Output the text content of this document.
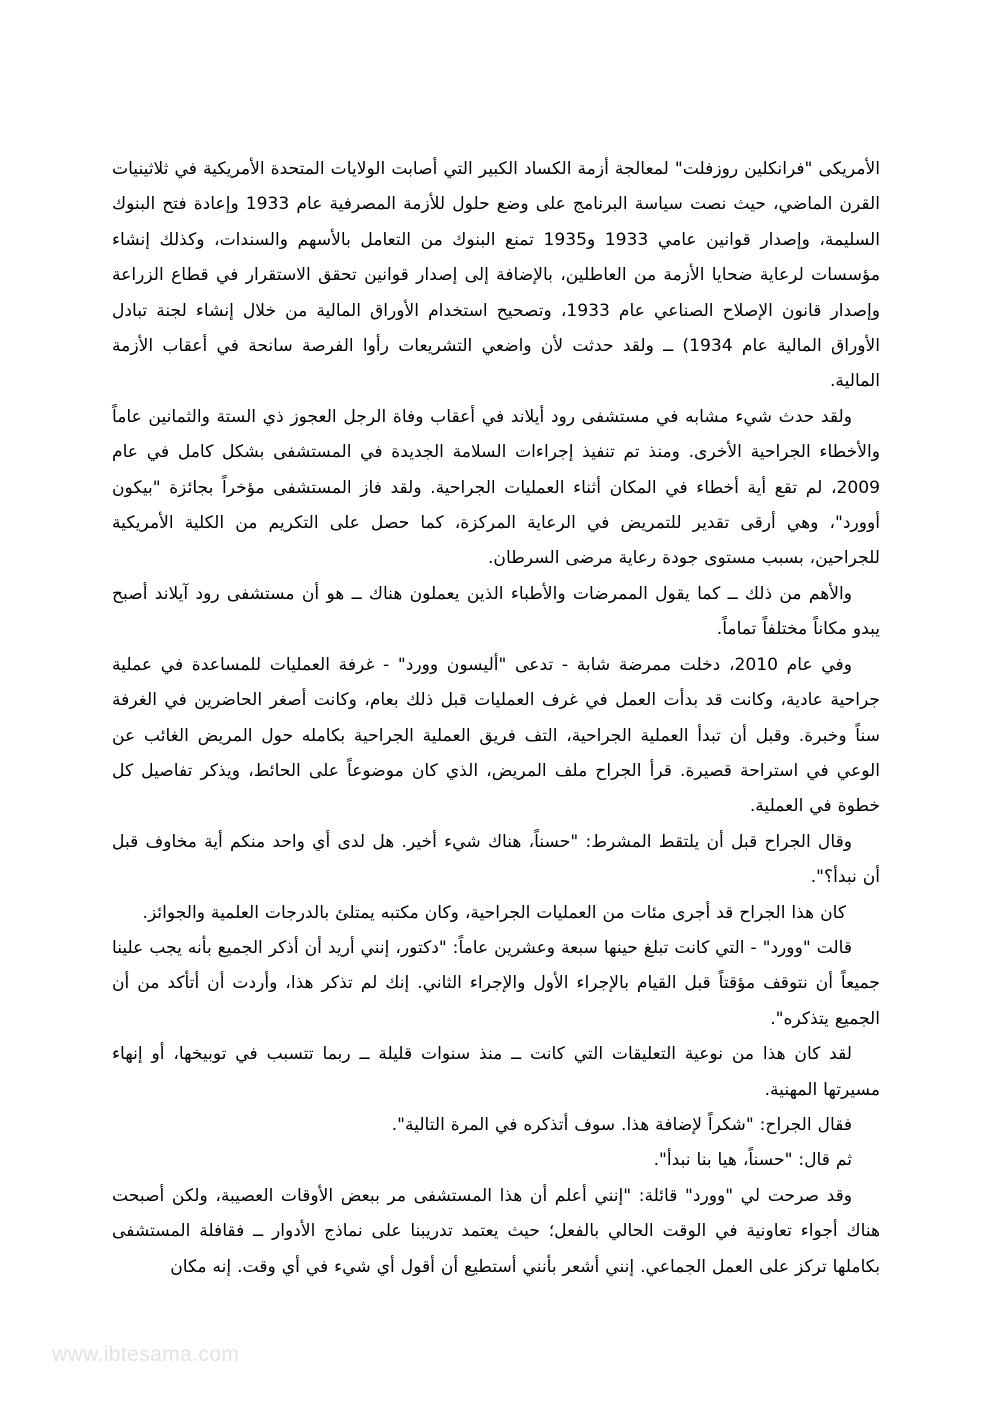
الأمريكى "فرانكلين روزفلت" لمعالجة أزمة الكساد الكبير التي أصابت الولايات المتحدة الأمريكية في ثلاثينيات القرن الماضي، حيث نصت سياسة البرنامج على وضع حلول للأزمة المصرفية عام 1933 وإعادة فتح البنوك السليمة، وإصدار قوانين عامي 1933 و1935 تمنع البنوك من التعامل بالأسهم والسندات، وكذلك إنشاء مؤسسات لرعاية ضحايا الأزمة من العاطلين، بالإضافة إلى إصدار قوانين تحقق الاستقرار في قطاع الزراعة وإصدار قانون الإصلاح الصناعي عام 1933، وتصحيح استخدام الأوراق المالية من خلال إنشاء لجنة تبادل الأوراق المالية عام 1934) ــ ولقد حدثت لأن واضعي التشريعات رأوا الفرصة سانحة في أعقاب الأزمة المالية.

ولقد حدث شيء مشابه في مستشفى رود أيلاند في أعقاب وفاة الرجل العجوز ذي الستة والثمانين عاماً والأخطاء الجراحية الأخرى. ومنذ تم تنفيذ إجراءات السلامة الجديدة في المستشفى بشكل كامل في عام 2009، لم تقع أية أخطاء في المكان أثناء العمليات الجراحية. ولقد فاز المستشفى مؤخراً بجائزة "بيكون أوورد"، وهي أرقى تقدير للتمريض في الرعاية المركزة، كما حصل على التكريم من الكلية الأمريكية للجراحين، بسبب مستوى جودة رعاية مرضى السرطان.

والأهم من ذلك ــ كما يقول الممرضات والأطباء الذين يعملون هناك ــ هو أن مستشفى رود آيلاند أصبح يبدو مكاناً مختلفاً تماماً.

وفي عام 2010، دخلت ممرضة شابة - تدعى "أليسون وورد" - غرفة العمليات للمساعدة في عملية جراحية عادية، وكانت قد بدأت العمل في غرف العمليات قبل ذلك بعام، وكانت أصغر الحاضرين في الغرفة سناً وخبرة. وقبل أن تبدأ العملية الجراحية، التف فريق العملية الجراحية بكامله حول المريض الغائب عن الوعي في استراحة قصيرة. قرأ الجراح ملف المريض، الذي كان موضوعاً على الحائط، ويذكر تفاصيل كل خطوة في العملية.

وقال الجراح قبل أن يلتقط المشرط: "حسناً، هناك شيء أخير. هل لدى أي واحد منكم أية مخاوف قبل أن نبدأ؟".

كان هذا الجراح قد أجرى مئات من العمليات الجراحية، وكان مكتبه يمتلئ بالدرجات العلمية والجوائز.

قالت "وورد" - التي كانت تبلغ حينها سبعة وعشرين عاماً: "دكتور، إنني أريد أن أذكر الجميع بأنه يجب علينا جميعاً أن نتوقف مؤقتاً قبل القيام بالإجراء الأول والإجراء الثاني. إنك لم تذكر هذا، وأردت أن أتأكد من أن الجميع يتذكره".

لقد كان هذا من نوعية التعليقات التي كانت ــ منذ سنوات قليلة ــ ربما تتسبب في توبيخها، أو إنهاء مسيرتها المهنية.

فقال الجراح: "شكراً لإضافة هذا. سوف أتذكره في المرة التالية".

ثم قال: "حسناً، هيا بنا نبدأ".

وقد صرحت لي "وورد" قائلة: "إنني أعلم أن هذا المستشفى مر ببعض الأوقات العصيبة، ولكن أصبحت هناك أجواء تعاونية في الوقت الحالي بالفعل؛ حيث يعتمد تدريبنا على نماذج الأدوار ــ فقافلة المستشفى بكاملها تركز على العمل الجماعي. إنني أشعر بأنني أستطيع أن أقول أي شيء في أي وقت. إنه مكان

www.ibtesama.com
